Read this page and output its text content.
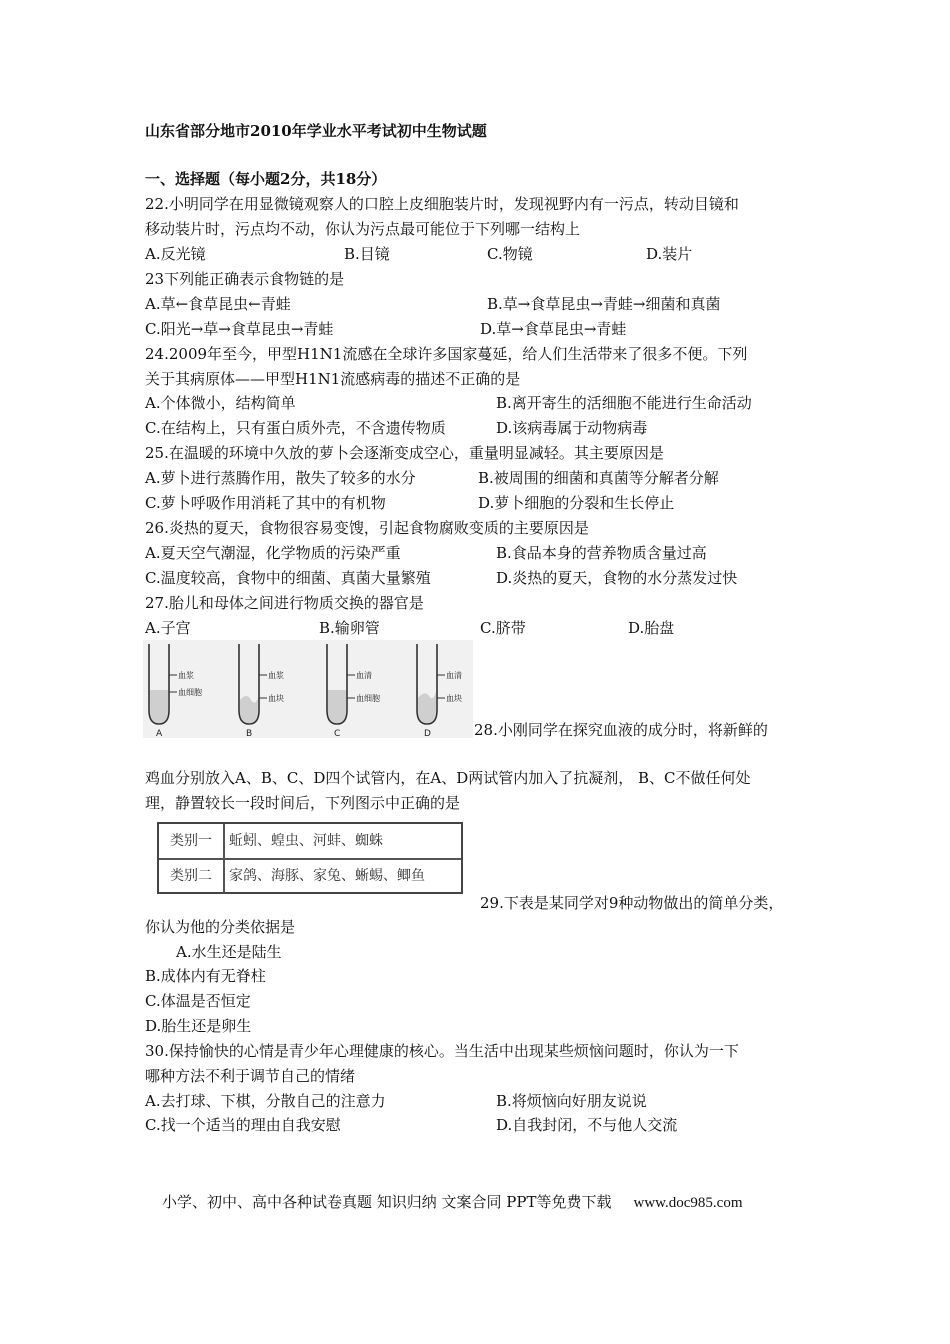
山东省部分地市2010年学业水平考试初中生物试题
一、选择题（每小题2分，共18分）
22.小明同学在用显微镜观察人的口腔上皮细胞装片时，发现视野内有一污点，转动目镜和
移动装片时，污点均不动，你认为污点最可能位于下列哪一结构上
A.反光镜	B.目镜	C.物镜	D.装片
23下列能正确表示食物链的是
A.草←食草昆虫←青蛙	B.草→食草昆虫→青蛙→细菌和真菌
C.阳光→草→食草昆虫→青蛙	D.草→食草昆虫→青蛙
24.2009年至今，甲型H1N1流感在全球许多国家蔓延，给人们生活带来了很多不便。下列
关于其病原体——甲型H1N1流感病毒的描述不正确的是
A.个体微小，结构简单	B.离开寄生的活细胞不能进行生命活动
C.在结构上，只有蛋白质外壳，不含遗传物质	D.该病毒属于动物病毒
25.在温暖的环境中久放的萝卜会逐渐变成空心，重量明显减轻。其主要原因是
A.萝卜进行蒸腾作用，散失了较多的水分	B.被周围的细菌和真菌等分解者分解
C.萝卜呼吸作用消耗了其中的有机物	D.萝卜细胞的分裂和生长停止
26.炎热的夏天，食物很容易变馊，引起食物腐败变质的主要原因是
A.夏天空气潮湿，化学物质的污染严重	B.食品本身的营养物质含量过高
C.温度较高，食物中的细菌、真菌大量繁殖	D.炎热的夏天，食物的水分蒸发过快
27.胎儿和母体之间进行物质交换的器官是
A.子宫	B.输卵管	C.脐带	D.胎盘
血浆
血细胞
A
血浆
血块
B
血清
血细胞
C
血清
血块
D	28.小刚同学在探究血液的成分时，将新鲜的
鸡血分别放入A、B、C、D四个试管内，在A、D两试管内加入了抗凝剂， B、C不做任何处
理，静置较长一段时间后，下列图示中正确的是
类别一	蚯蚓、蝗虫、河蚌、蜘蛛
类别二	家鸽、海豚、家兔、蜥蜴、鲫鱼
29.下表是某同学对9种动物做出的简单分类，
你认为他的分类依据是
A.水生还是陆生
B.成体内有无脊柱
C.体温是否恒定
D.胎生还是卵生
30.保持愉快的心情是青少年心理健康的核心。当生活中出现某些烦恼问题时，你认为一下
哪种方法不利于调节自己的情绪
A.去打球、下棋，分散自己的注意力	B.将烦恼向好朋友说说
C.找一个适当的理由自我安慰	D.自我封闭，不与他人交流
小学、初中、高中各种试卷真题 知识归纳 文案合同 PPT等免费下载 www.doc985.com
